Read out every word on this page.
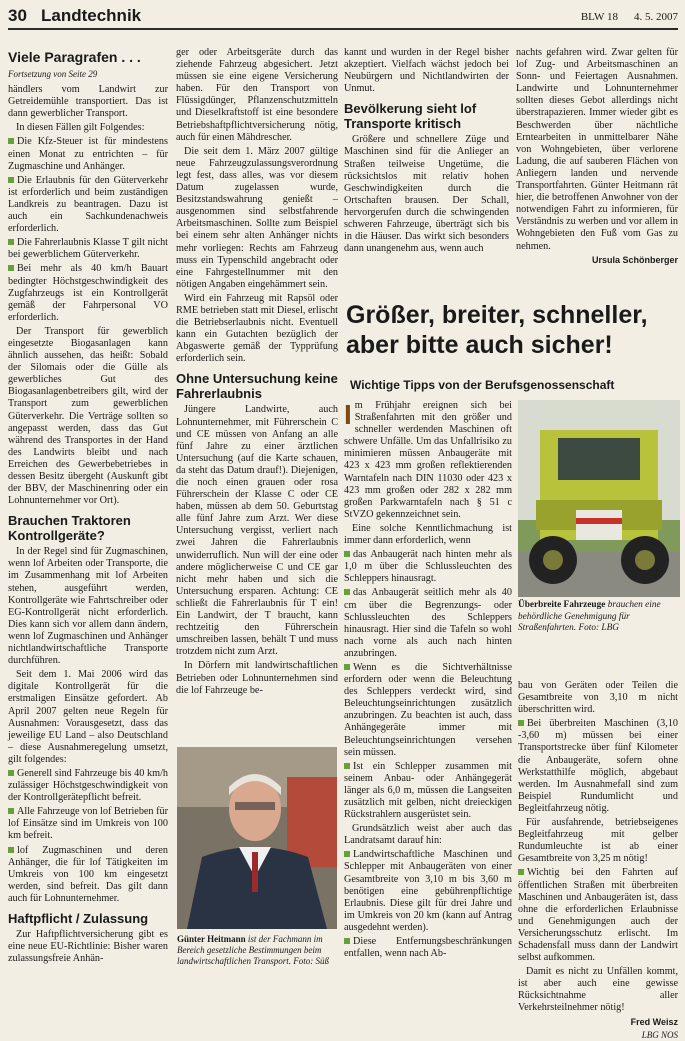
30 Landtechnik	BLW 18 4. 5. 2007
Viele Paragrafen . . .

Fortsetzung von Seite 29

händlers vom Landwirt zur Getreidemühle transportiert. Das ist dann gewerblicher Transport.

In diesen Fällen gilt Folgendes:

Die Kfz-Steuer ist für mindestens einen Monat zu entrichten – für Zugmaschine und Anhänger.

Die Erlaubnis für den Güterverkehr ist erforderlich und beim zuständigen Landkreis zu beantragen. Dazu ist auch ein Sachkundenachweis erforderlich.

Die Fahrerlaubnis Klasse T gilt nicht bei gewerblichem Güterverkehr.

Bei mehr als 40 km/h Bauart bedingter Höchstgeschwindigkeit des Zugfahrzeugs ist ein Kontrollgerät gemäß der Fahrpersonal VO erforderlich.

Der Transport für gewerblich eingesetzte Biogasanlagen kann ähnlich aussehen, das heißt: Sobald der Silomais oder die Gülle als gewerbliches Gut des Biogasanlagenbetreibers gilt, wird der Transport zum gewerblichen Güterverkehr. Die Verträge sollten so angepasst werden, dass das Gut während des Transportes in der Hand des Landwirts bleibt und nach Erreichen des Gewerbebetriebes in dessen Besitz übergeht (Auskunft gibt der BBV, der Maschinenring oder ein Lohnunternehmer vor Ort).

Brauchen Traktoren Kontrollgeräte?

In der Regel sind für Zugmaschinen, wenn lof Arbeiten oder Transporte, die im Zusammenhang mit lof Arbeiten stehen, ausgeführt werden, Kontrollgeräte wie Fahrtschreiber oder EG-Kontrollgerät nicht erforderlich. Dies kann sich vor allem dann ändern, wenn lof Zugmaschinen und Anhänger nichtlandwirtschaftliche Transporte durchführen.

Seit dem 1. Mai 2006 wird das digitale Kontrollgerät für die erstmaligen Einsätze gefordert. Ab April 2007 gelten neue Regeln für Ausnahmen: Vorausgesetzt, dass das jeweilige EU Land – also Deutschland – diese Ausnahmeregelung umsetzt, gilt folgendes:

Generell sind Fahrzeuge bis 40 km/h zulässiger Höchstgeschwindigkeit von der Kontrollgerätepflicht befreit.

Alle Fahrzeuge von lof Betrieben für lof Einsätze sind im Umkreis von 100 km befreit.

lof Zugmaschinen und deren Anhänger, die für lof Tätigkeiten im Umkreis von 100 km eingesetzt werden, sind befreit. Das gilt dann auch für Lohnunternehmer.

Haftpflicht / Zulassung

Zur Haftpflichtversicherung gibt es eine neue EU-Richtlinie: Bisher waren zulassungsfreie Anhän-

ger oder Arbeitsgeräte durch das ziehende Fahrzeug abgesichert. Jetzt müssen sie eine eigene Versicherung haben. Für den Transport von Flüssigdünger, Pflanzenschutzmitteln und Dieselkraftstoff ist eine besondere Betriebshaftpflichtversicherung nötig, auch für einen Mähdrescher.

Die seit dem 1. März 2007 gültige neue Fahrzeugzulassungsverordnung legt fest, dass alles, was vor diesem Datum zugelassen wurde, Besitzstandswahrung genießt – ausgenommen sind selbstfahrende Arbeitsmaschinen. Sollte zum Beispiel bei einem sehr alten Anhänger nichts mehr vorliegen: Rechts am Fahrzeug muss ein Typenschild angebracht oder eine Fahrgestellnummer mit den nötigen Angaben eingehämmert sein.

Wird ein Fahrzeug mit Rapsöl oder RME betrieben statt mit Diesel, erlischt die Betriebserlaubnis nicht. Eventuell kann ein Gutachten bezüglich der Abgaswerte gemäß der Typprüfung erforderlich sein.

Ohne Untersuchung keine Fahrerlaubnis

Jüngere Landwirte, auch Lohnunternehmer, mit Führerschein C und CE müssen von Anfang an alle fünf Jahre zu einer ärztlichen Untersuchung (auf die Karte schauen, da steht das Datum drauf!). Diejenigen, die noch einen grauen oder rosa Führerschein der Klasse C oder CE haben, müssen ab dem 50. Geburtstag alle fünf Jahre zum Arzt. Wer diese Untersuchung vergisst, verliert nach zwei Jahren die Fahrerlaubnis unwiderruflich. Nun will der eine oder andere möglicherweise C und CE gar nicht mehr haben und sich die Untersuchung ersparen. Achtung: CE schließt die Fahrerlaubnis für T ein! Ein Landwirt, der T braucht, kann rechtzeitig den Führerschein umschreiben lassen, behält T und muss trotzdem nicht zum Arzt.

In Dörfern mit landwirtschaftlichen Betrieben oder Lohnunternehmen sind die lof Fahrzeuge be-

Günter Heitmann ist der Fachmann im Bereich gesetzliche Bestimmungen beim landwirtschaftlichen Transport. Foto: Süß

kannt und wurden in der Regel bisher akzeptiert. Vielfach wächst jedoch bei Neubürgern und Nichtlandwirten der Unmut.

Bevölkerung sieht lof Transporte kritisch

Größere und schnellere Züge und Maschinen sind für die Anlieger an Straßen teilweise Ungetüme, die rücksichtslos mit relativ hohen Geschwindigkeiten durch die Ortschaften brausen. Der Schall, hervorgerufen durch die schwingenden schweren Fahrzeuge, überträgt sich bis in die Häuser. Das wirkt sich besonders dann unangenehm aus, wenn auch

nachts gefahren wird. Zwar gelten für lof Zug- und Arbeitsmaschinen an Sonn- und Feiertagen Ausnahmen. Landwirte und Lohnunternehmer sollten dieses Gebot allerdings nicht überstrapazieren. Immer wieder gibt es Beschwerden über nächtliche Erntearbeiten in unmittelbarer Nähe von Wohngebieten, über verlorene Ladung, die auf sauberen Flächen von Anliegern landen und nervende Transportfahrten. Günter Heitmann rät hier, die betroffenen Anwohner von der notwendigen Fahrt zu informieren, für Verständnis zu werben und vor allem in Wohngebieten den Fuß vom Gas zu nehmen.

Ursula Schönberger

Größer, breiter, schneller, aber bitte auch sicher!
Wichtige Tipps von der Berufsgenossenschaft

Im Frühjahr ereignen sich bei Straßenfahrten mit den größer und schneller werdenden Maschinen oft schwere Unfälle. Um das Unfallrisiko zu minimieren müssen Anbaugeräte mit 423 x 423 mm großen reflektierenden Warntafeln nach DIN 11030 oder 423 x 423 mm großen oder 282 x 282 mm großen Parkwarntafeln nach § 51 c StVZO gekennzeichnet sein.

Eine solche Kenntlichmachung ist immer dann erforderlich, wenn

das Anbaugerät nach hinten mehr als 1,0 m über die Schlussleuchten des Schleppers hinausragt.

das Anbaugerät seitlich mehr als 40 cm über die Begrenzungs- oder Schlussleuchten des Schleppers hinausragt. Hier sind die Tafeln so wohl nach vorne als auch nach hinten anzubringen.

Wenn es die Sichtverhältnisse erfordern oder wenn die Beleuchtung des Schleppers verdeckt wird, sind Beleuchtungseinrichtungen zusätzlich anzubringen. Zu beachten ist auch, dass Anhängegeräte immer mit Beleuchtungseinrichtungen versehen sein müssen.

Ist ein Schlepper zusammen mit seinem Anbau- oder Anhängegerät länger als 6,0 m, müssen die Langseiten zusätzlich mit gelben, nicht dreieckigen Rückstrahlern ausgerüstet sein.

Grundsätzlich weist aber auch das Landratsamt darauf hin:

Landwirtschaftliche Maschinen und Schlepper mit Anbaugeräten von einer Gesamtbreite von 3,10 m bis 3,60 m benötigen eine gebührenpflichtige Erlaubnis. Diese gilt für drei Jahre und im Umkreis von 20 km (kann auf Antrag ausgedehnt werden).

Diese Entfernungsbeschränkungen entfallen, wenn nach Ab-

Überbreite Fahrzeuge brauchen eine behördliche Genehmigung für Straßenfahrten. Foto: LBG

bau von Geräten oder Teilen die Gesamtbreite von 3,10 m nicht überschritten wird.

Bei überbreiten Maschinen (3,10 -3,60 m) müssen bei einer Transportstrecke über fünf Kilometer die Anbaugeräte, sofern ohne Werkstatthilfe möglich, abgebaut werden. Im Ausnahmefall sind zum Beispiel Rundumlicht und Begleitfahrzeug nötig.

Für ausfahrende, betriebseigenes Begleitfahrzeug mit gelber Rundumleuchte ist ab einer Gesamtbreite von 3,25 m nötig!

Wichtig bei den Fahrten auf öffentlichen Straßen mit überbreiten Maschinen und Anbaugeräten ist, dass ohne die erforderlichen Erlaubnisse und Genehmigungen auch der Versicherungsschutz erlischt. Im Schadensfall muss dann der Landwirt selbst aufkommen.

Damit es nicht zu Unfällen kommt, ist aber auch eine gewisse Rücksichtnahme aller Verkehrsteilnehmer nötig!

Fred Weisz

LBG NOS
